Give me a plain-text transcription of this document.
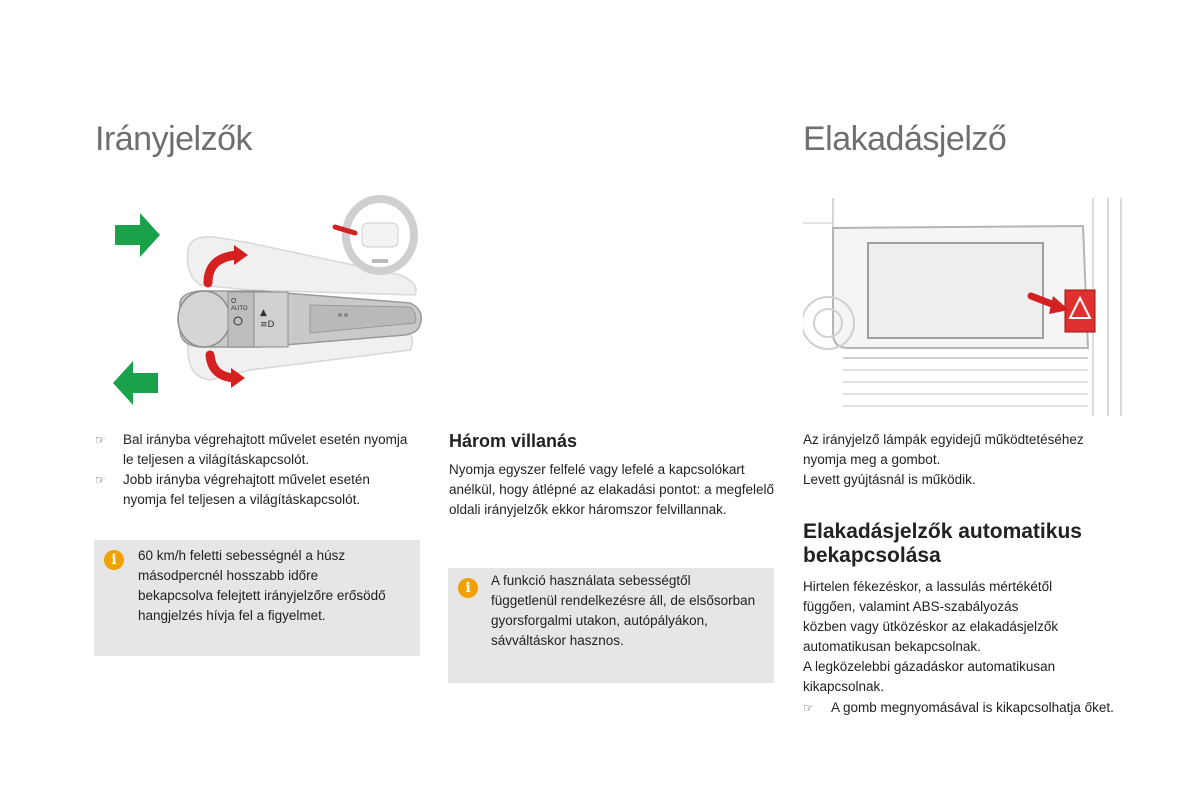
Irányjelzők	Elakadásjelző
AUTO
O
▲
≡D
☞ Bal irányba végrehajtott művelet esetén nyomja le teljesen a világításkapcsolót.
☞ Jobb irányba végrehajtott művelet esetén nyomja fel teljesen a világításkapcsolót.
i	60 km/h feletti sebességnél a húsz másodpercnél hosszabb időre bekapcsolva felejtett irányjelzőre erősödő hangjelzés hívja fel a figyelmet.
Három villanás
Nyomja egyszer felfelé vagy lefelé a kapcsolókart anélkül, hogy átlépné az elakadási pontot: a megfelelő oldali irányjelzők ekkor háromszor felvillannak.
i	A funkció használata sebességtől függetlenül rendelkezésre áll, de elsősorban gyorsforgalmi utakon, autópályákon, sávváltáskor hasznos.
Az irányjelző lámpák egyidejű működtetéséhez
nyomja meg a gombot.
Levett gyújtásnál is működik.
Elakadásjelzők automatikus bekapcsolása
Hirtelen fékezéskor, a lassulás mértékétől
függően, valamint ABS-szabályozás
közben vagy ütközéskor az elakadásjelzők
automatikusan bekapcsolnak.
A legközelebbi gázadáskor automatikusan
kikapcsolnak.
☞ A gomb megnyomásával is kikapcsolhatja őket.
